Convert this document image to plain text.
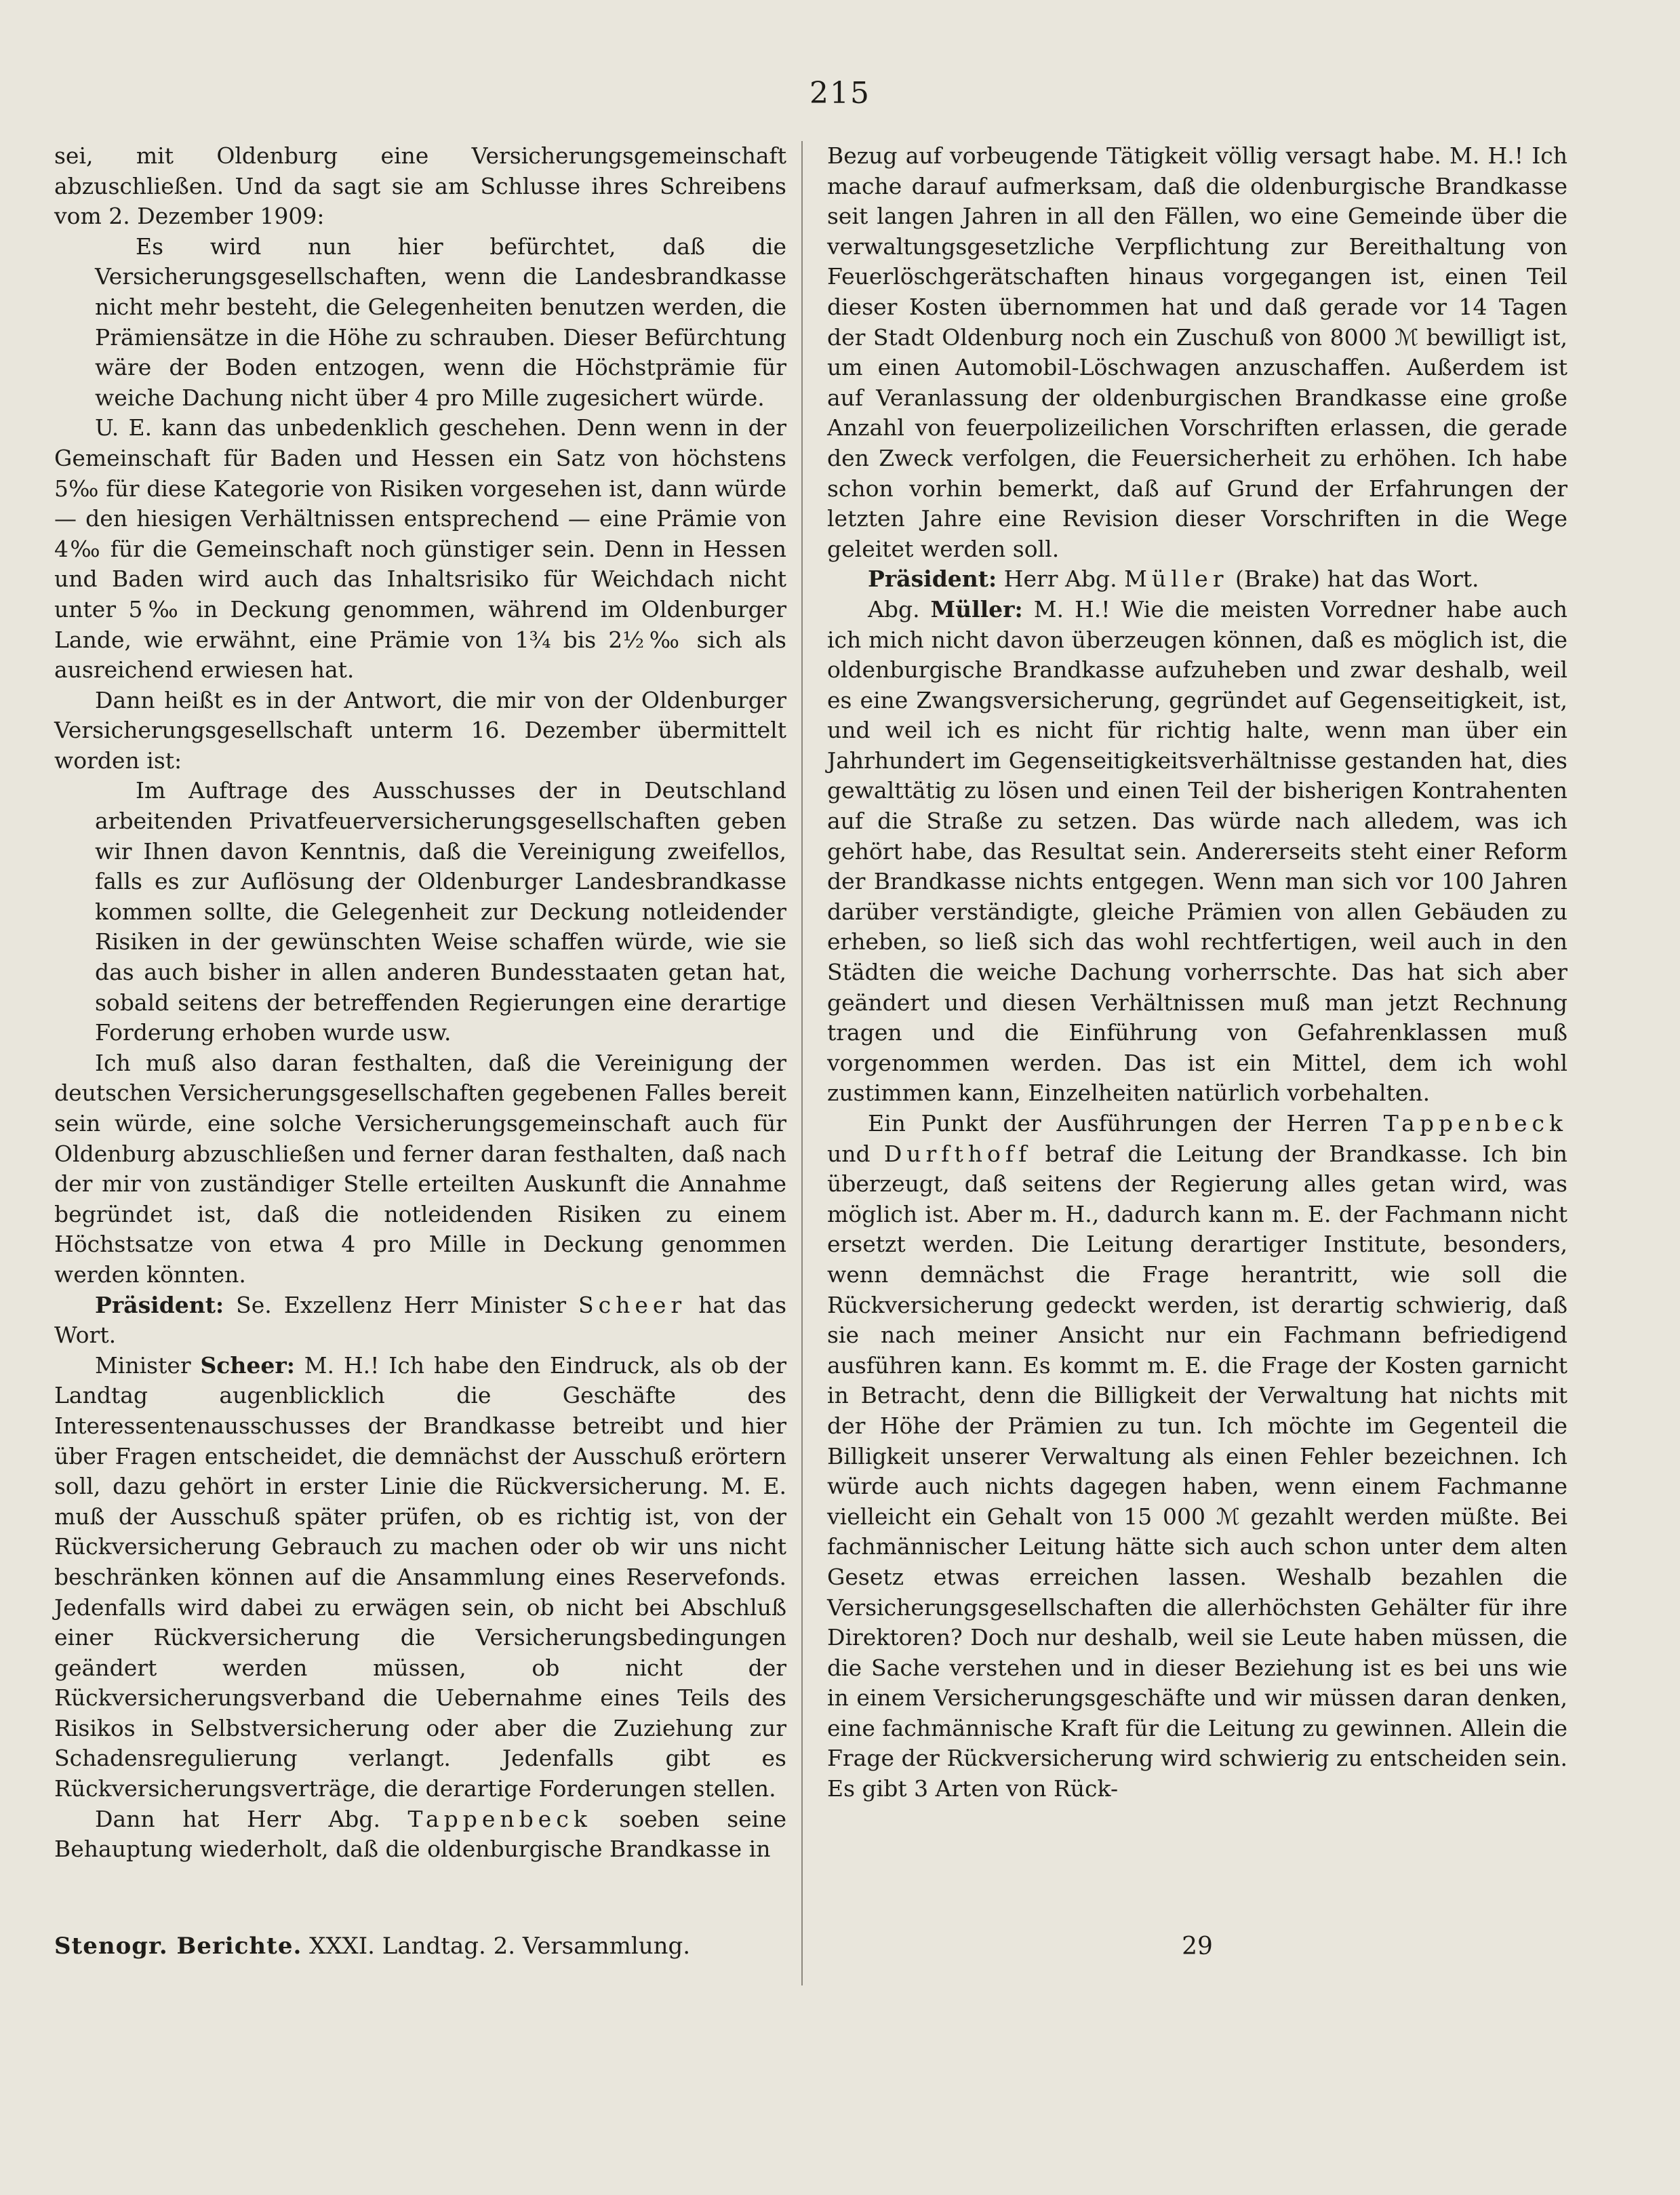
215

sei, mit Oldenburg eine Versicherungsgemeinschaft abzuschließen. Und da sagt sie am Schlusse ihres Schreibens vom 2. Dezember 1909:

Es wird nun hier befürchtet, daß die Versicherungsgesellschaften, wenn die Landesbrandkasse nicht mehr besteht, die Gelegenheiten benutzen werden, die Prämiensätze in die Höhe zu schrauben. Dieser Befürchtung wäre der Boden entzogen, wenn die Höchstprämie für weiche Dachung nicht über 4 pro Mille zugesichert würde.

U. E. kann das unbedenklich geschehen. Denn wenn in der Gemeinschaft für Baden und Hessen ein Satz von höchstens 5‰ für diese Kategorie von Risiken vorgesehen ist, dann würde — den hiesigen Verhältnissen entsprechend — eine Prämie von 4‰ für die Gemeinschaft noch günstiger sein. Denn in Hessen und Baden wird auch das Inhaltsrisiko für Weichdach nicht unter 5‰ in Deckung genommen, während im Oldenburger Lande, wie erwähnt, eine Prämie von 1¾ bis 2½‰ sich als ausreichend erwiesen hat.

Dann heißt es in der Antwort, die mir von der Oldenburger Versicherungsgesellschaft unterm 16. Dezember übermittelt worden ist:

Im Auftrage des Ausschusses der in Deutschland arbeitenden Privatfeuerversicherungsgesellschaften geben wir Ihnen davon Kenntnis, daß die Vereinigung zweifellos, falls es zur Auflösung der Oldenburger Landesbrandkasse kommen sollte, die Gelegenheit zur Deckung notleidender Risiken in der gewünschten Weise schaffen würde, wie sie das auch bisher in allen anderen Bundesstaaten getan hat, sobald seitens der betreffenden Regierungen eine derartige Forderung erhoben wurde usw.

Ich muß also daran festhalten, daß die Vereinigung der deutschen Versicherungsgesellschaften gegebenen Falles bereit sein würde, eine solche Versicherungsgemeinschaft auch für Oldenburg abzuschließen und ferner daran festhalten, daß nach der mir von zuständiger Stelle erteilten Auskunft die Annahme begründet ist, daß die notleidenden Risiken zu einem Höchstsatze von etwa 4 pro Mille in Deckung genommen werden könnten.

Präsident: Se. Exzellenz Herr Minister Scheer hat das Wort.

Minister Scheer: M. H.! Ich habe den Eindruck, als ob der Landtag augenblicklich die Geschäfte des Interessentenausschusses der Brandkasse betreibt und hier über Fragen entscheidet, die demnächst der Ausschuß erörtern soll, dazu gehört in erster Linie die Rückversicherung. M. E. muß der Ausschuß später prüfen, ob es richtig ist, von der Rückversicherung Gebrauch zu machen oder ob wir uns nicht beschränken können auf die Ansammlung eines Reservefonds. Jedenfalls wird dabei zu erwägen sein, ob nicht bei Abschluß einer Rückversicherung die Versicherungsbedingungen geändert werden müssen, ob nicht der Rückversicherungsverband die Uebernahme eines Teils des Risikos in Selbstversicherung oder aber die Zuziehung zur Schadensregulierung verlangt. Jedenfalls gibt es Rückversicherungsverträge, die derartige Forderungen stellen.

Dann hat Herr Abg. Tappenbeck soeben seine Behauptung wiederholt, daß die oldenburgische Brandkasse in

Bezug auf vorbeugende Tätigkeit völlig versagt habe. M. H.! Ich mache darauf aufmerksam, daß die oldenburgische Brandkasse seit langen Jahren in all den Fällen, wo eine Gemeinde über die verwaltungsgesetzliche Verpflichtung zur Bereithaltung von Feuerlöschgerätschaften hinaus vorgegangen ist, einen Teil dieser Kosten übernommen hat und daß gerade vor 14 Tagen der Stadt Oldenburg noch ein Zuschuß von 8000 ℳ bewilligt ist, um einen Automobil-Löschwagen anzuschaffen. Außerdem ist auf Veranlassung der oldenburgischen Brandkasse eine große Anzahl von feuerpolizeilichen Vorschriften erlassen, die gerade den Zweck verfolgen, die Feuersicherheit zu erhöhen. Ich habe schon vorhin bemerkt, daß auf Grund der Erfahrungen der letzten Jahre eine Revision dieser Vorschriften in die Wege geleitet werden soll.

Präsident: Herr Abg. Müller (Brake) hat das Wort.

Abg. Müller: M. H.! Wie die meisten Vorredner habe auch ich mich nicht davon überzeugen können, daß es möglich ist, die oldenburgische Brandkasse aufzuheben und zwar deshalb, weil es eine Zwangsversicherung, gegründet auf Gegenseitigkeit, ist, und weil ich es nicht für richtig halte, wenn man über ein Jahrhundert im Gegenseitigkeitsverhältnisse gestanden hat, dies gewalttätig zu lösen und einen Teil der bisherigen Kontrahenten auf die Straße zu setzen. Das würde nach alledem, was ich gehört habe, das Resultat sein. Andererseits steht einer Reform der Brandkasse nichts entgegen. Wenn man sich vor 100 Jahren darüber verständigte, gleiche Prämien von allen Gebäuden zu erheben, so ließ sich das wohl rechtfertigen, weil auch in den Städten die weiche Dachung vorherrschte. Das hat sich aber geändert und diesen Verhältnissen muß man jetzt Rechnung tragen und die Einführung von Gefahrenklassen muß vorgenommen werden. Das ist ein Mittel, dem ich wohl zustimmen kann, Einzelheiten natürlich vorbehalten.

Ein Punkt der Ausführungen der Herren Tappenbeck und Durfthoff betraf die Leitung der Brandkasse. Ich bin überzeugt, daß seitens der Regierung alles getan wird, was möglich ist. Aber m. H., dadurch kann m. E. der Fachmann nicht ersetzt werden. Die Leitung derartiger Institute, besonders, wenn demnächst die Frage herantritt, wie soll die Rückversicherung gedeckt werden, ist derartig schwierig, daß sie nach meiner Ansicht nur ein Fachmann befriedigend ausführen kann. Es kommt m. E. die Frage der Kosten garnicht in Betracht, denn die Billigkeit der Verwaltung hat nichts mit der Höhe der Prämien zu tun. Ich möchte im Gegenteil die Billigkeit unserer Verwaltung als einen Fehler bezeichnen. Ich würde auch nichts dagegen haben, wenn einem Fachmanne vielleicht ein Gehalt von 15 000 ℳ gezahlt werden müßte. Bei fachmännischer Leitung hätte sich auch schon unter dem alten Gesetz etwas erreichen lassen. Weshalb bezahlen die Versicherungsgesellschaften die allerhöchsten Gehälter für ihre Direktoren? Doch nur deshalb, weil sie Leute haben müssen, die die Sache verstehen und in dieser Beziehung ist es bei uns wie in einem Versicherungsgeschäfte und wir müssen daran denken, eine fachmännische Kraft für die Leitung zu gewinnen. Allein die Frage der Rückversicherung wird schwierig zu entscheiden sein. Es gibt 3 Arten von Rück-

Stenogr. Berichte. XXXI. Landtag. 2. Versammlung.	29
